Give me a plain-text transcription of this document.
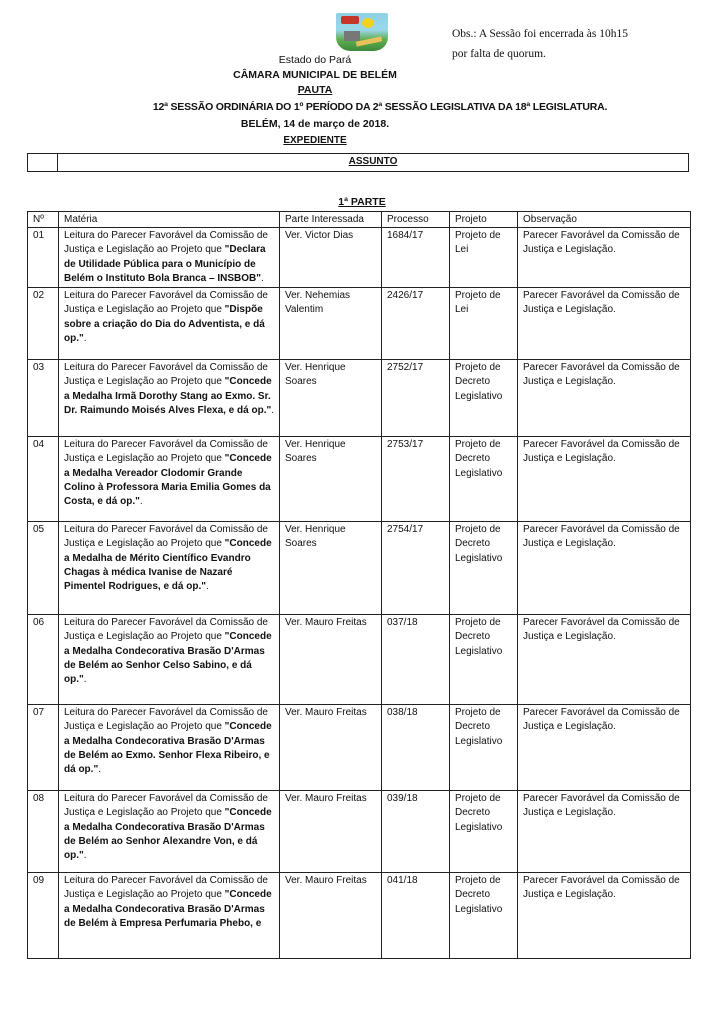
Obs.: A Sessão foi encerrada às 10h15
por falta de quorum.
Estado do Pará
CÂMARA MUNICIPAL DE BELÉM
PAUTA
12ª SESSÃO ORDINÁRIA DO 1º PERÍODO DA 2ª SESSÃO LEGISLATIVA DA 18ª LEGISLATURA.
BELÉM, 14 de março de 2018.
EXPEDIENTE
ASSUNTO
1ª PARTE
Nº	Matéria	Parte Interessada	Processo	Projeto	Observação
01	Leitura do Parecer Favorável da Comissão de Justiça e Legislação ao Projeto que "Declara de Utilidade Pública para o Município de Belém o Instituto Bola Branca – INSBOB".	Ver. Victor Dias	1684/17	Projeto de Lei	Parecer Favorável da Comissão de Justiça e Legislação.
02	Leitura do Parecer Favorável da Comissão de Justiça e Legislação ao Projeto que "Dispõe sobre a criação do Dia do Adventista, e dá op.".	Ver. Nehemias Valentim	2426/17	Projeto de Lei	Parecer Favorável da Comissão de Justiça e Legislação.
03	Leitura do Parecer Favorável da Comissão de Justiça e Legislação ao Projeto que "Concede a Medalha Irmã Dorothy Stang ao Exmo. Sr. Dr. Raimundo Moisés Alves Flexa, e dá op.".	Ver. Henrique Soares	2752/17	Projeto de Decreto Legislativo	Parecer Favorável da Comissão de Justiça e Legislação.
04	Leitura do Parecer Favorável da Comissão de Justiça e Legislação ao Projeto que "Concede a Medalha Vereador Clodomir Grande Colino à Professora Maria Emilia Gomes da Costa, e dá op.".	Ver. Henrique Soares	2753/17	Projeto de Decreto Legislativo	Parecer Favorável da Comissão de Justiça e Legislação.
05	Leitura do Parecer Favorável da Comissão de Justiça e Legislação ao Projeto que "Concede a Medalha de Mérito Científico Evandro Chagas à médica Ivanise de Nazaré Pimentel Rodrigues, e dá op.".	Ver. Henrique Soares	2754/17	Projeto de Decreto Legislativo	Parecer Favorável da Comissão de Justiça e Legislação.
06	Leitura do Parecer Favorável da Comissão de Justiça e Legislação ao Projeto que "Concede a Medalha Condecorativa Brasão D'Armas de Belém ao Senhor Celso Sabino, e dá op.".	Ver. Mauro Freitas	037/18	Projeto de Decreto Legislativo	Parecer Favorável da Comissão de Justiça e Legislação.
07	Leitura do Parecer Favorável da Comissão de Justiça e Legislação ao Projeto que "Concede a Medalha Condecorativa Brasão D'Armas de Belém ao Exmo. Senhor Flexa Ribeiro, e dá op.".	Ver. Mauro Freitas	038/18	Projeto de Decreto Legislativo	Parecer Favorável da Comissão de Justiça e Legislação.
08	Leitura do Parecer Favorável da Comissão de Justiça e Legislação ao Projeto que "Concede a Medalha Condecorativa Brasão D'Armas de Belém ao Senhor Alexandre Von, e dá op.".	Ver. Mauro Freitas	039/18	Projeto de Decreto Legislativo	Parecer Favorável da Comissão de Justiça e Legislação.
09	Leitura do Parecer Favorável da Comissão de Justiça e Legislação ao Projeto que "Concede a Medalha Condecorativa Brasão D'Armas de Belém à Empresa Perfumaria Phebo, e	Ver. Mauro Freitas	041/18	Projeto de Decreto Legislativo	Parecer Favorável da Comissão de Justiça e Legislação.
